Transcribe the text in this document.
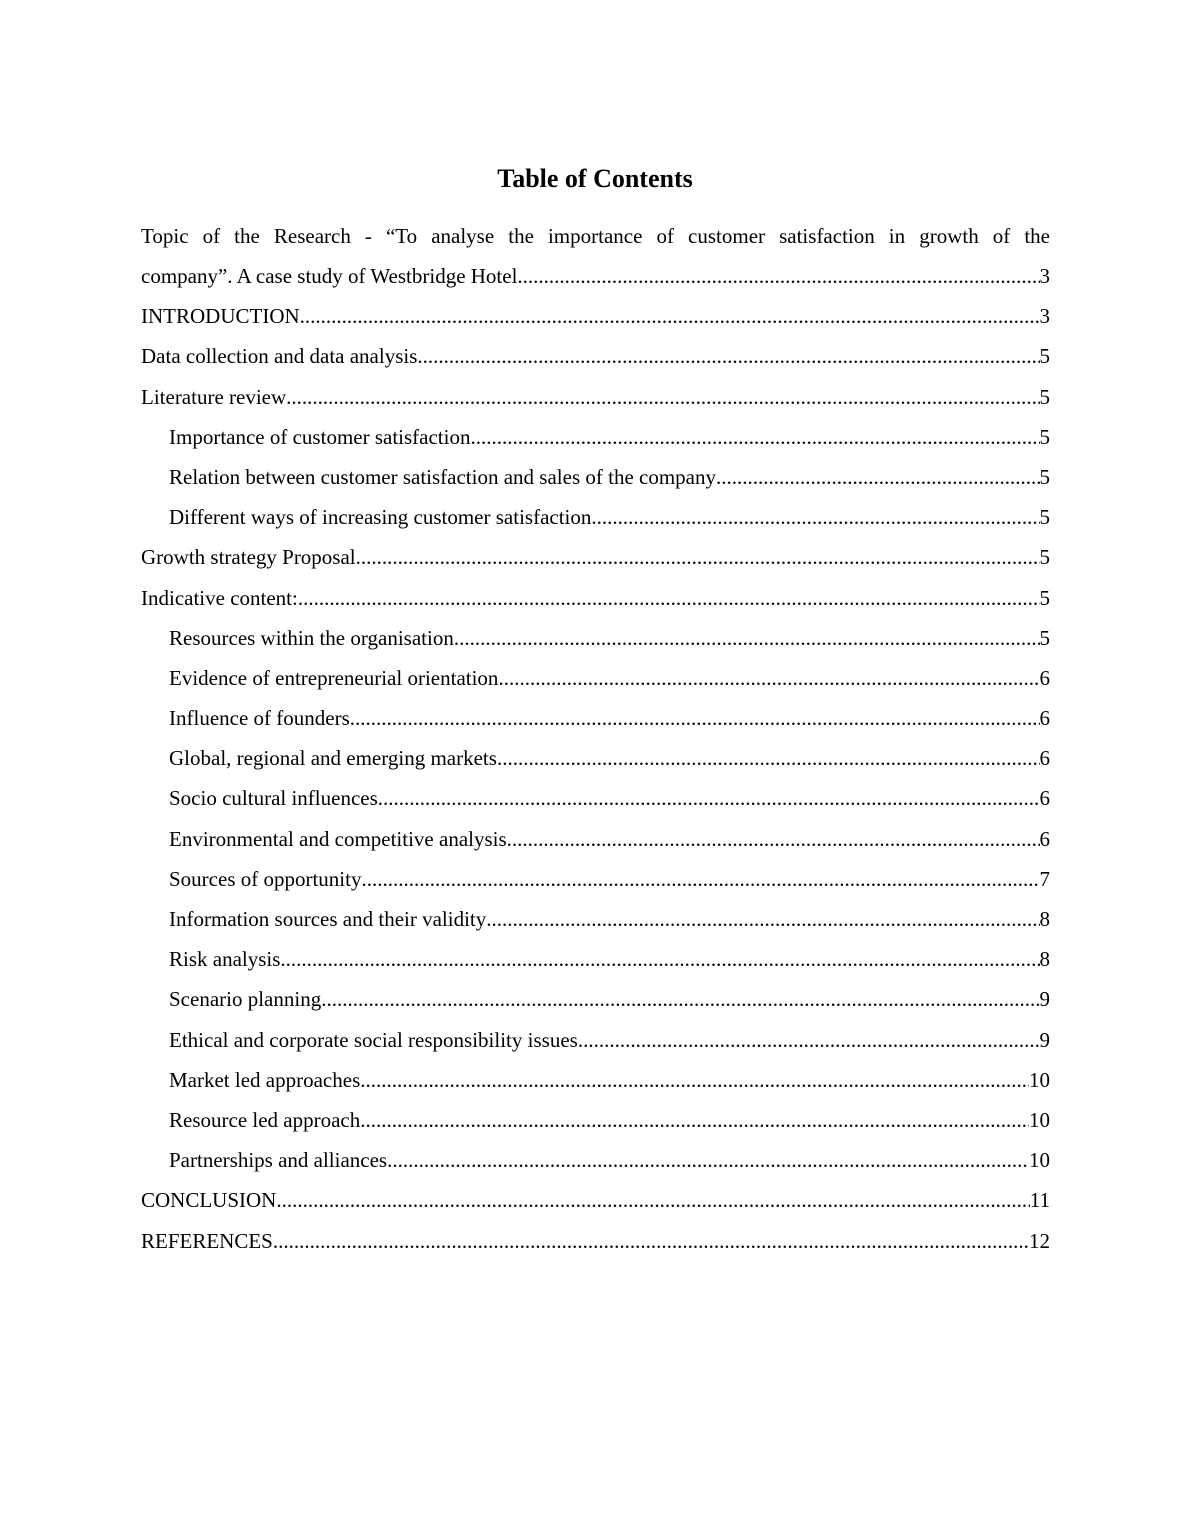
Table of Contents
Topic of the Research - “To analyse the importance of customer satisfaction in growth of the
company”. A case study of Westbridge Hotel. .....	3
INTRODUCTION .....	3
Data collection and data analysis .....	5
Literature review .....	5
Importance of customer satisfaction .....	5
Relation between customer satisfaction and sales of the company .....	5
Different ways of increasing customer satisfaction .....	5
Growth strategy Proposal .....	5
Indicative content: .....	5
Resources within the organisation .....	5
Evidence of entrepreneurial orientation .....	6
Influence of founders .....	6
Global, regional and emerging markets .....	6
Socio cultural influences .....	6
Environmental and competitive analysis .....	6
Sources of opportunity .....	7
Information sources and their validity .....	8
Risk analysis .....	8
Scenario planning .....	9
Ethical and corporate social responsibility issues .....	9
Market led approaches .....	10
Resource led approach .....	10
Partnerships and alliances .....	10
CONCLUSION .....	11
REFERENCES .....	12
